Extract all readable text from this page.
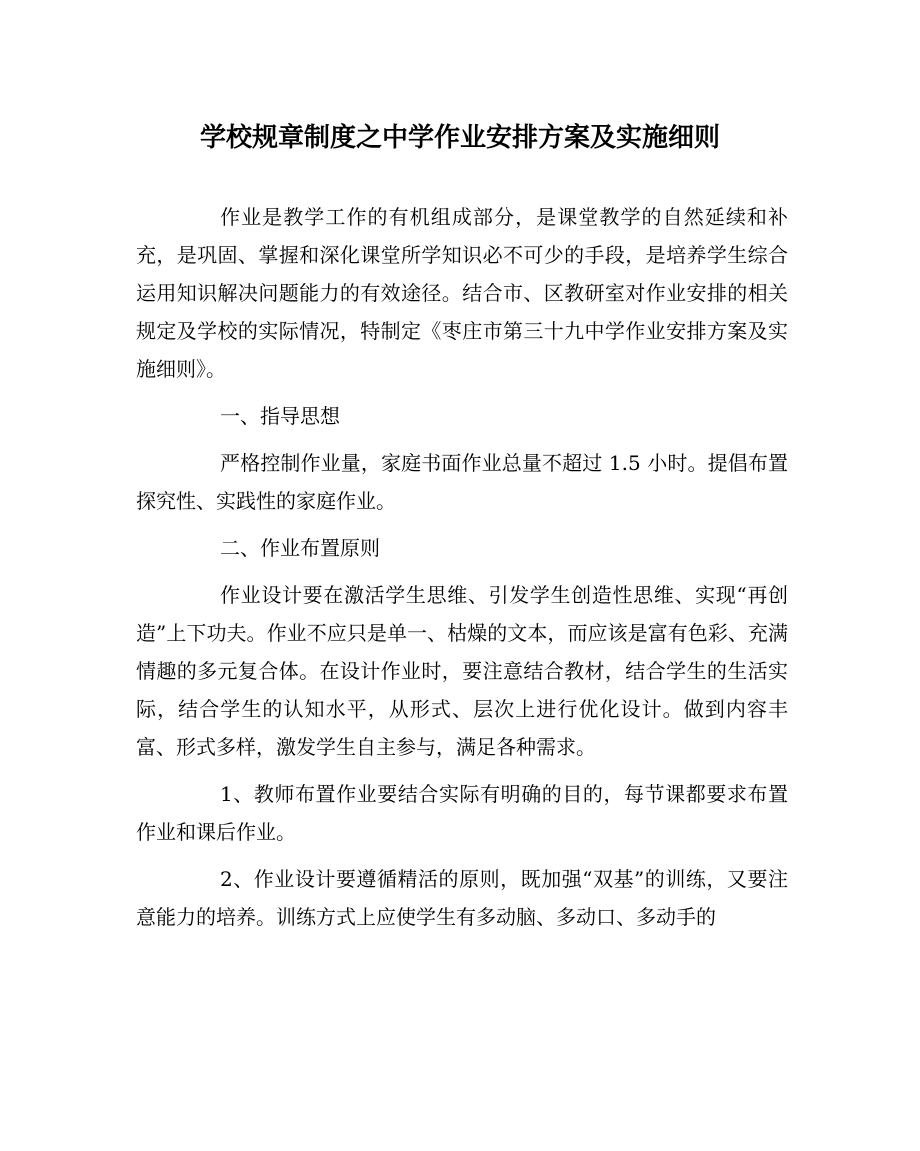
学校规章制度之中学作业安排方案及实施细则

作业是教学工作的有机组成部分，是课堂教学的自然延续和补充，是巩固、掌握和深化课堂所学知识必不可少的手段，是培养学生综合运用知识解决问题能力的有效途径。结合市、区教研室对作业安排的相关规定及学校的实际情况，特制定《枣庄市第三十九中学作业安排方案及实施细则》。

一、指导思想

严格控制作业量，家庭书面作业总量不超过 1.5 小时。提倡布置探究性、实践性的家庭作业。

二、作业布置原则

作业设计要在激活学生思维、引发学生创造性思维、实现“再创造”上下功夫。作业不应只是单一、枯燥的文本，而应该是富有色彩、充满情趣的多元复合体。在设计作业时，要注意结合教材，结合学生的生活实际，结合学生的认知水平，从形式、层次上进行优化设计。做到内容丰富、形式多样，激发学生自主参与，满足各种需求。

1、教师布置作业要结合实际有明确的目的，每节课都要求布置作业和课后作业。

2、作业设计要遵循精活的原则，既加强“双基”的训练，又要注意能力的培养。训练方式上应使学生有多动脑、多动口、多动手的
